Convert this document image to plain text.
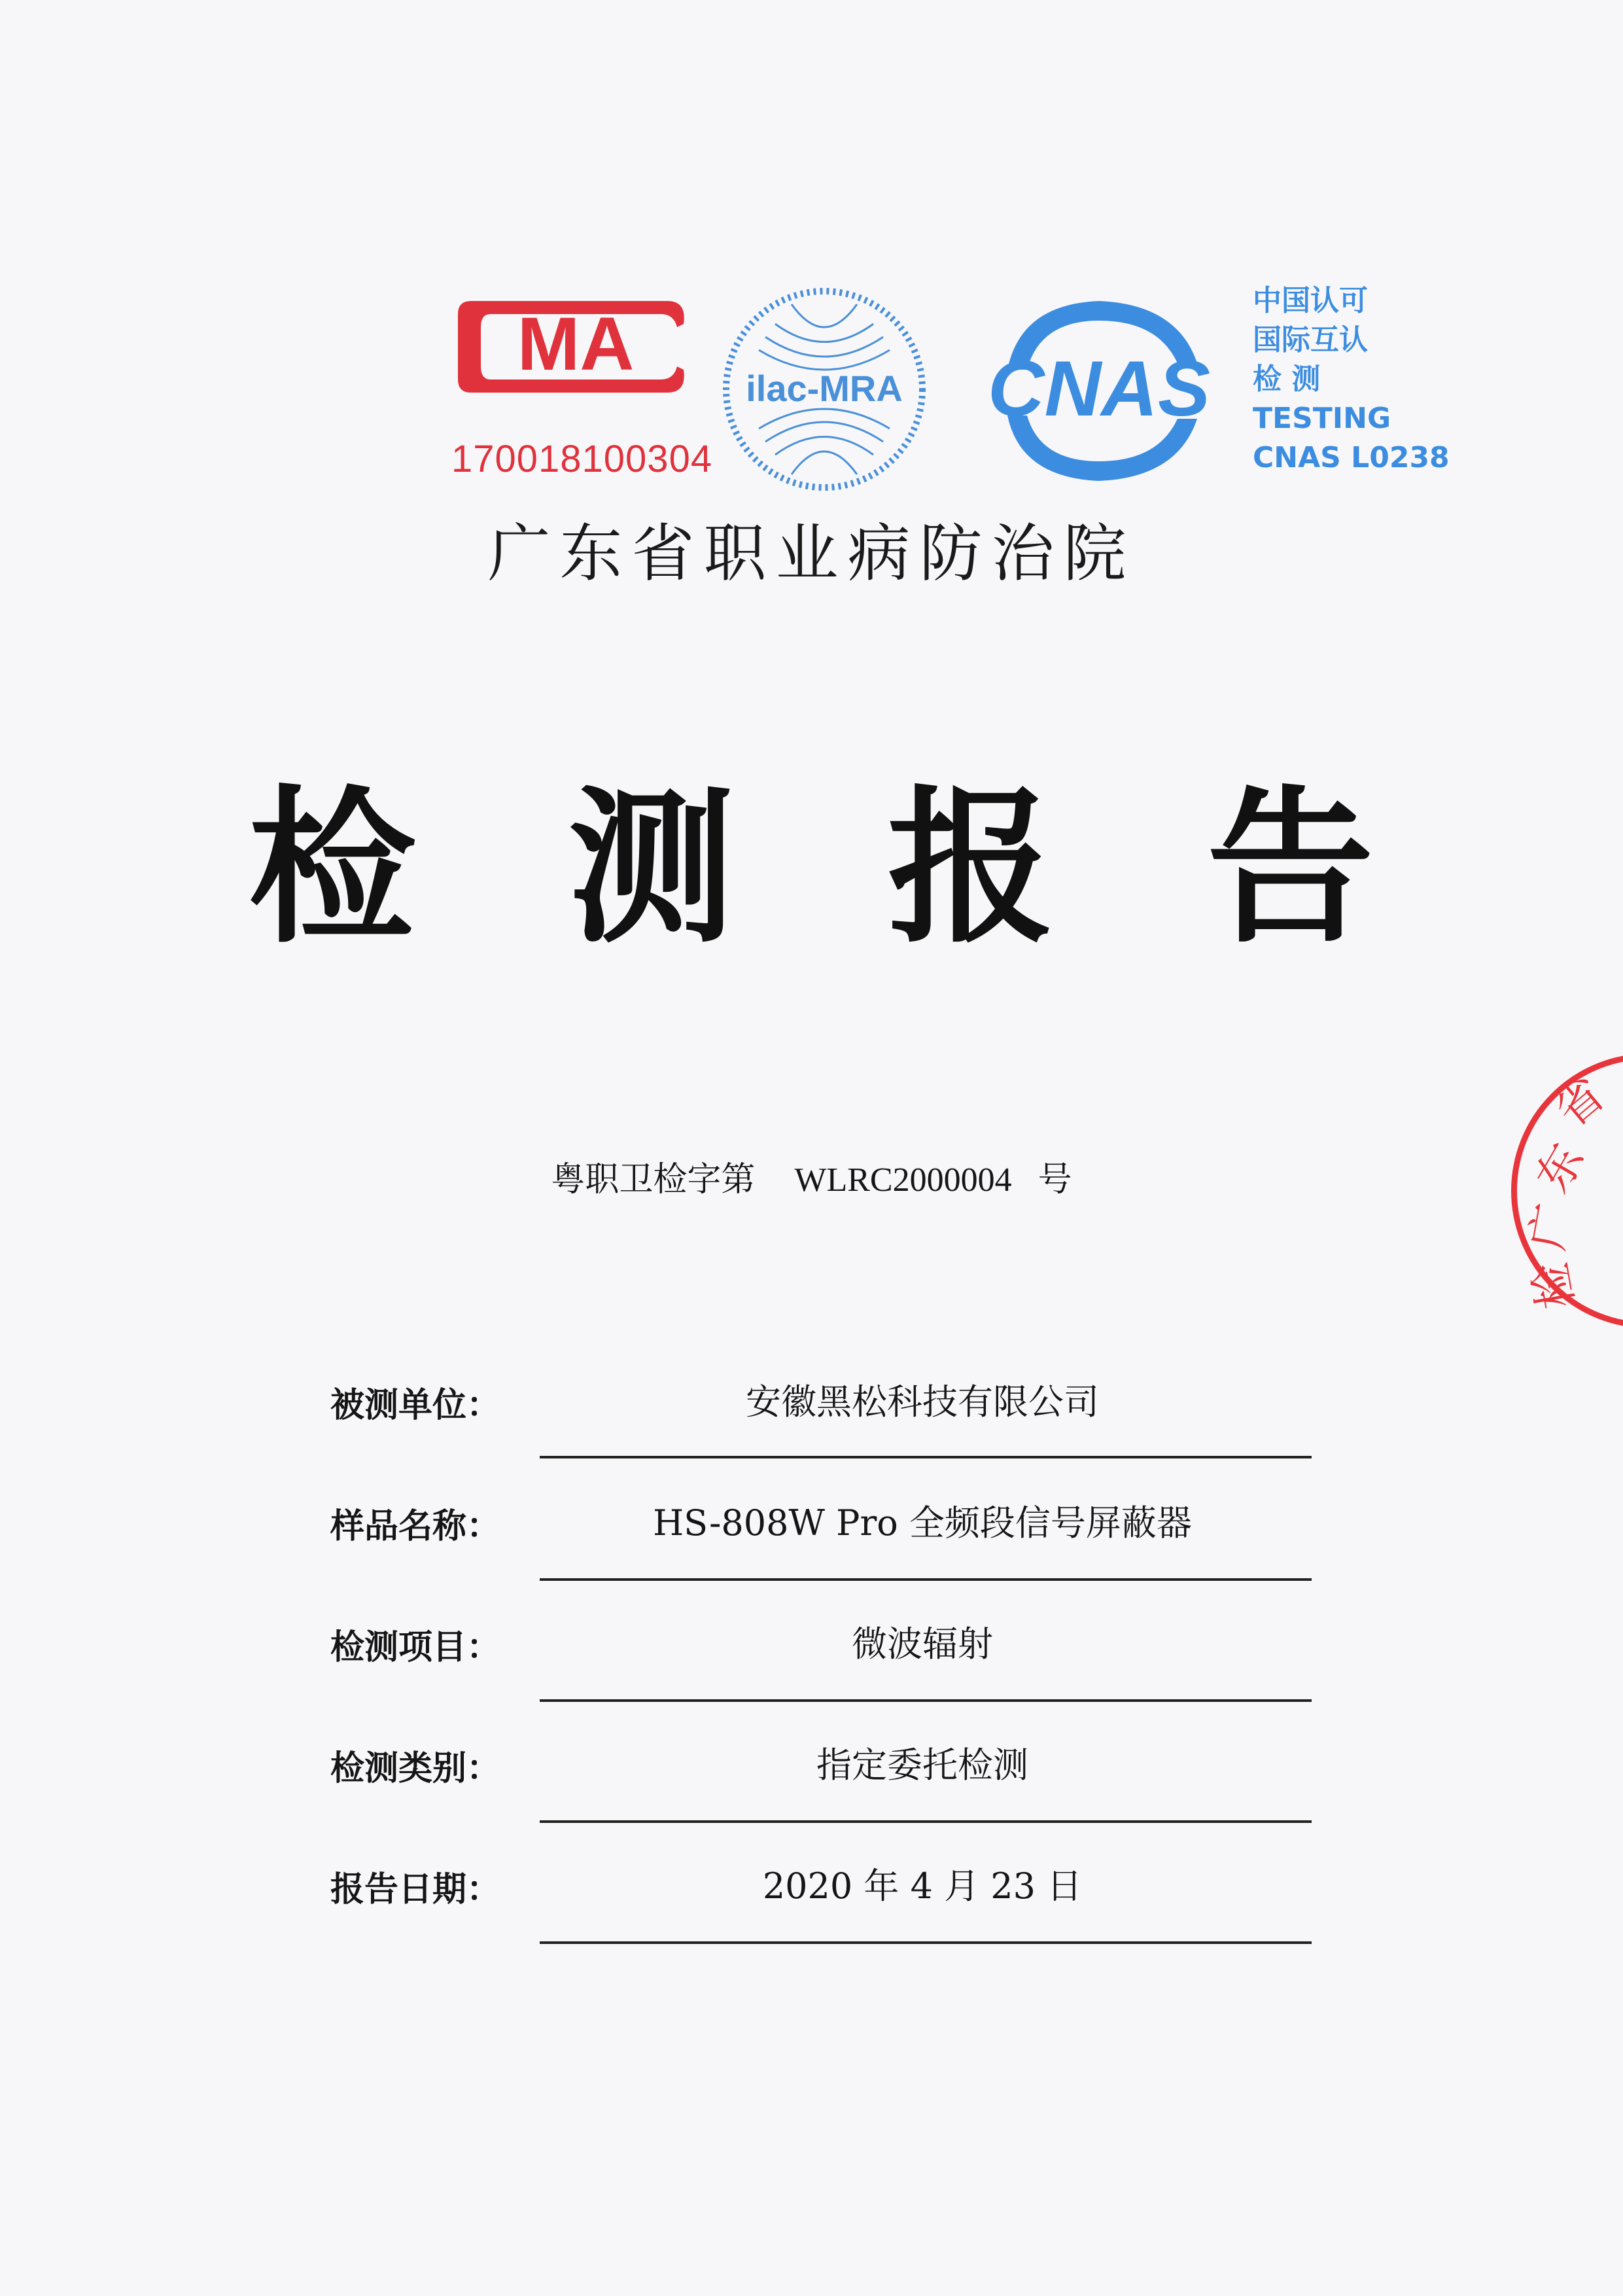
MA
170018100304
ilac-MRA CNAS
中国认可
国际互认
检 测
TESTING
CNAS L0238
广东省职业病防治院
检 测 报 告
粤职卫检字第 WLRC2000004 号
被测单位：	安徽黑松科技有限公司
样品名称：	HS-808W Pro 全频段信号屏蔽器
检测项目：	微波辐射
检测类别：	指定委托检测
报告日期：	2020 年 4 月 23 日
省
东
广
检
